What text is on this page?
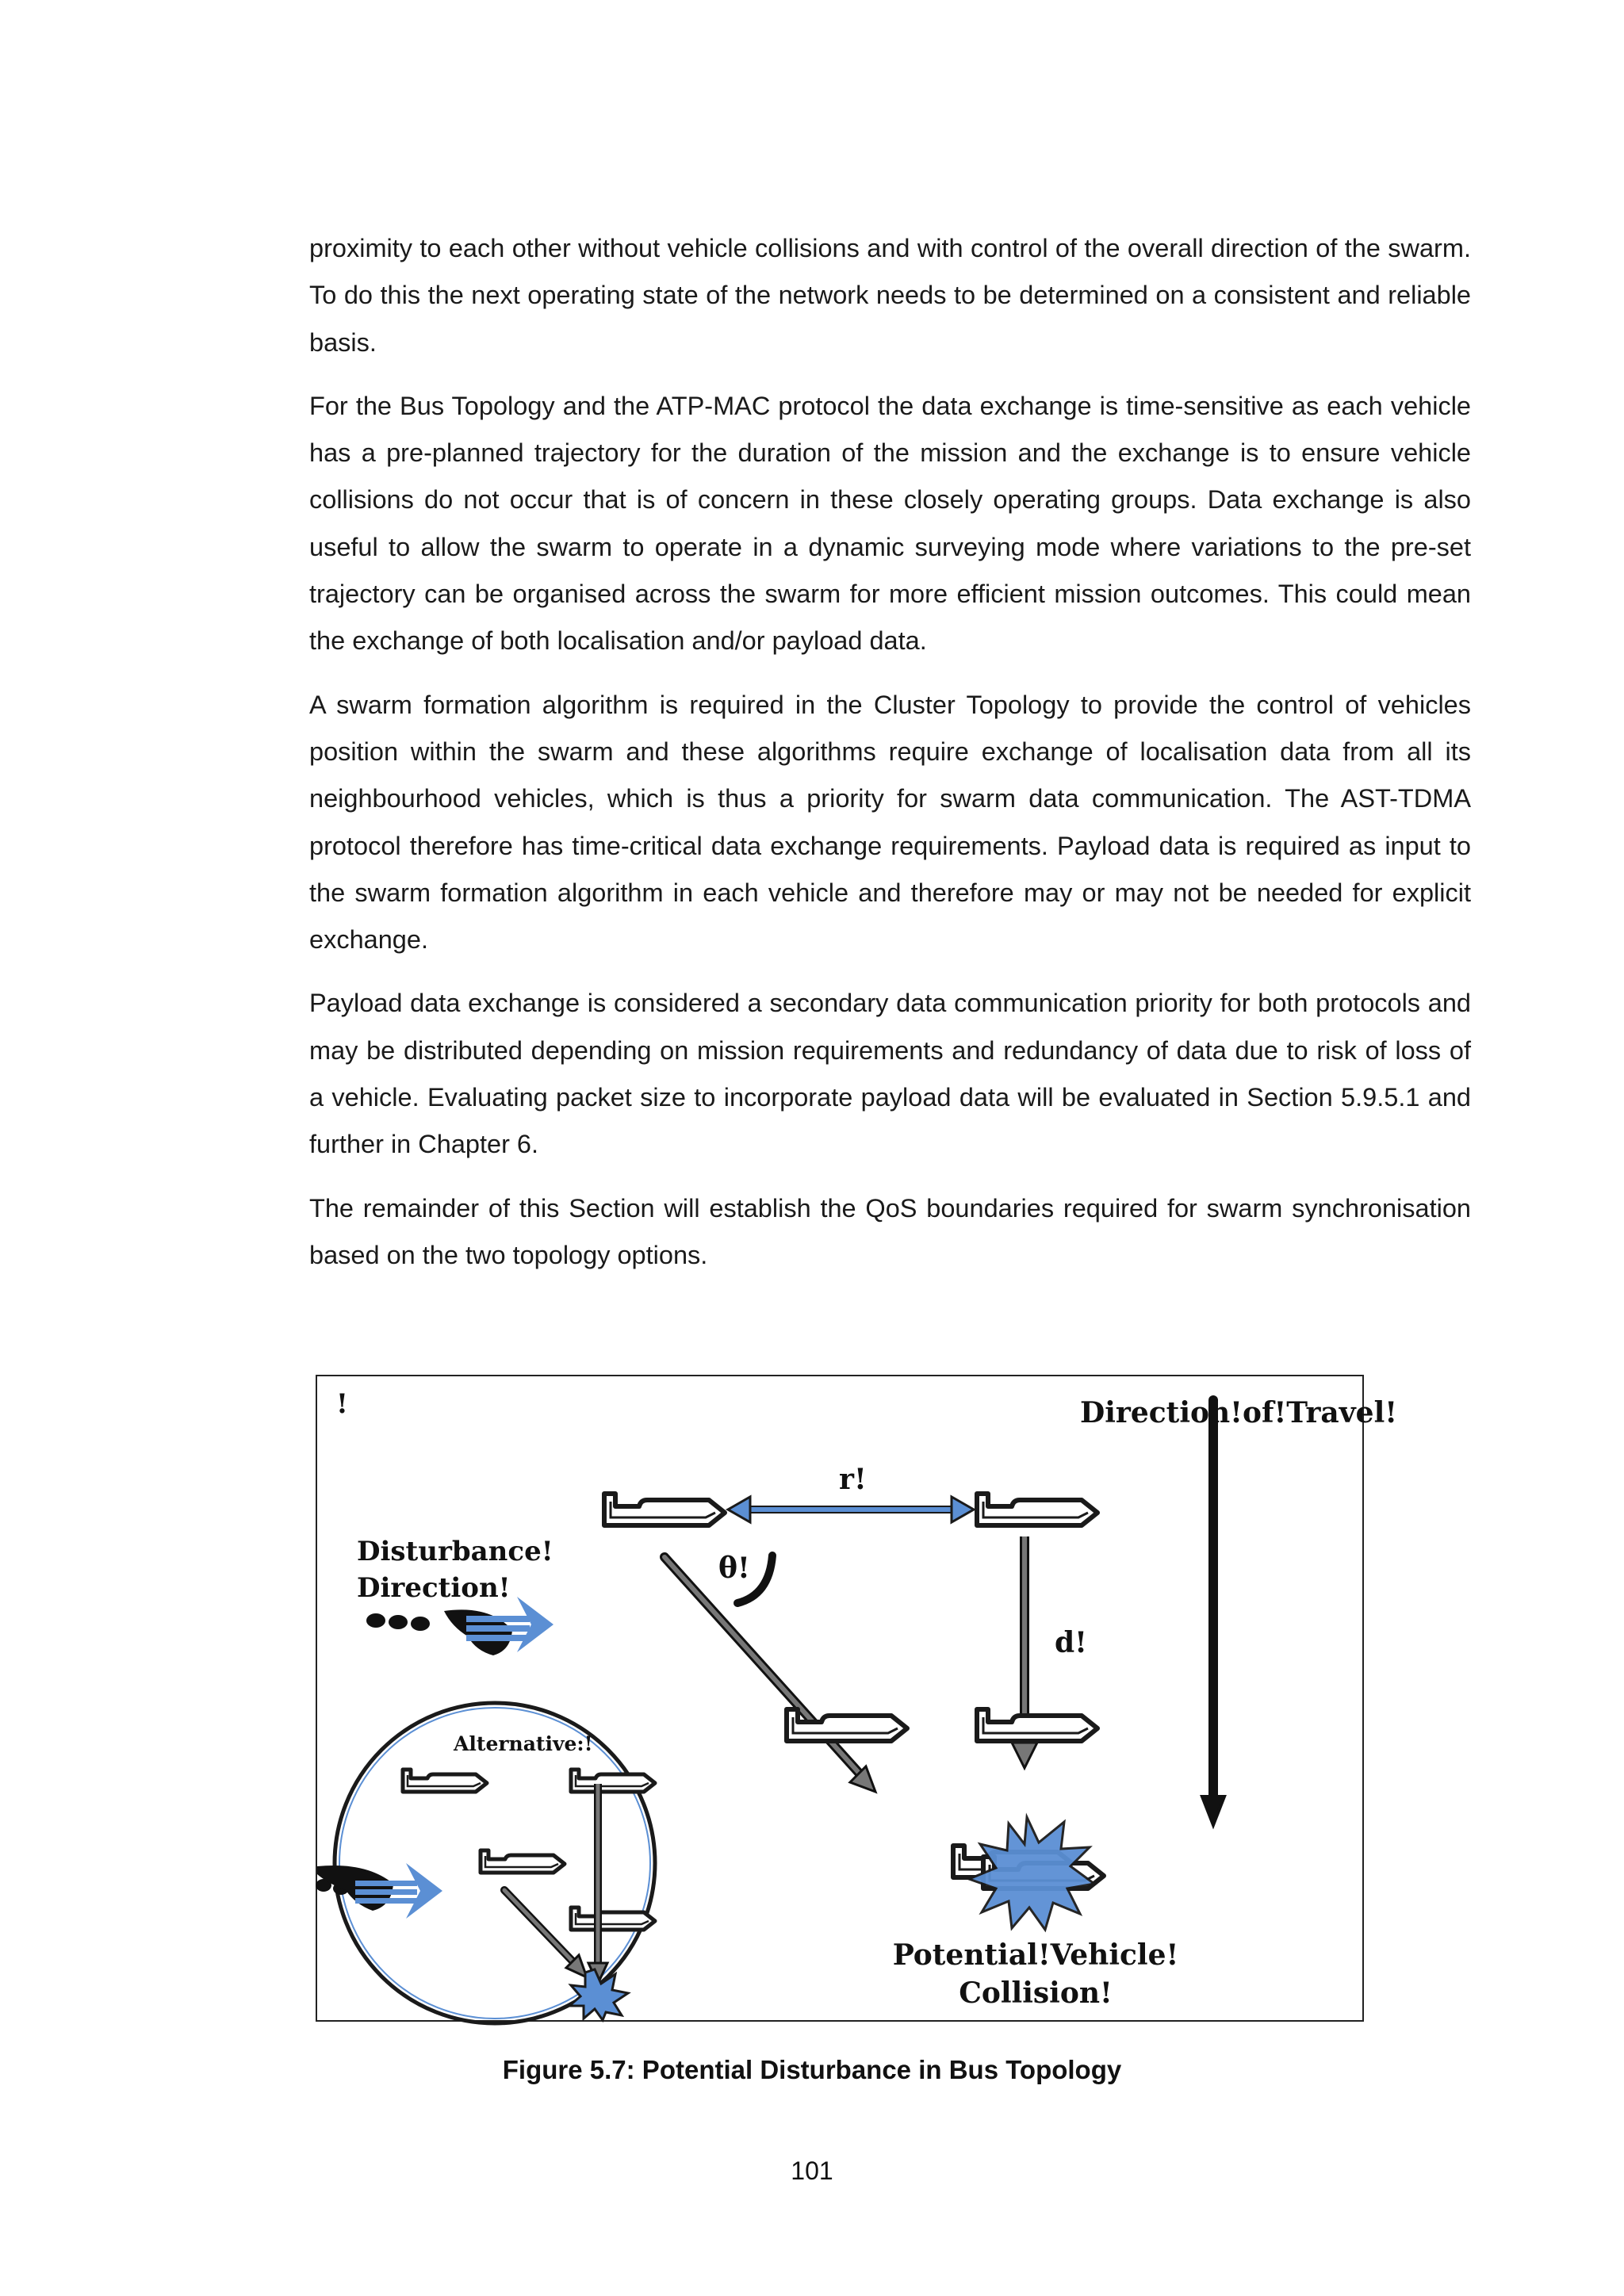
proximity to each other without vehicle collisions and with control of the overall direction of the swarm. To do this the next operating state of the network needs to be determined on a consistent and reliable basis.

For the Bus Topology and the ATP-MAC protocol the data exchange is time-sensitive as each vehicle has a pre-planned trajectory for the duration of the mission and the exchange is to ensure vehicle collisions do not occur that is of concern in these closely operating groups. Data exchange is also useful to allow the swarm to operate in a dynamic surveying mode where variations to the pre-set trajectory can be organised across the swarm for more efficient mission outcomes. This could mean the exchange of both localisation and/or payload data.

A swarm formation algorithm is required in the Cluster Topology to provide the control of vehicles position within the swarm and these algorithms require exchange of localisation data from all its neighbourhood vehicles, which is thus a priority for swarm data communication. The AST-TDMA protocol therefore has time-critical data exchange requirements. Payload data is required as input to the swarm formation algorithm in each vehicle and therefore may or may not be needed for explicit exchange.

Payload data exchange is considered a secondary data communication priority for both protocols and may be distributed depending on mission requirements and redundancy of data due to risk of loss of a vehicle. Evaluating packet size to incorporate payload data will be evaluated in Section 5.9.5.1 and further in Chapter 6.

The remainder of this Section will establish the QoS boundaries required for swarm synchronisation based on the two topology options.

!	Direction!of!Travel!
r!
θ!
d!
Potential!Vehicle!
Collision!
Disturbance!
Direction!
Alternative:!
Figure 5.7: Potential Disturbance in Bus Topology
101
